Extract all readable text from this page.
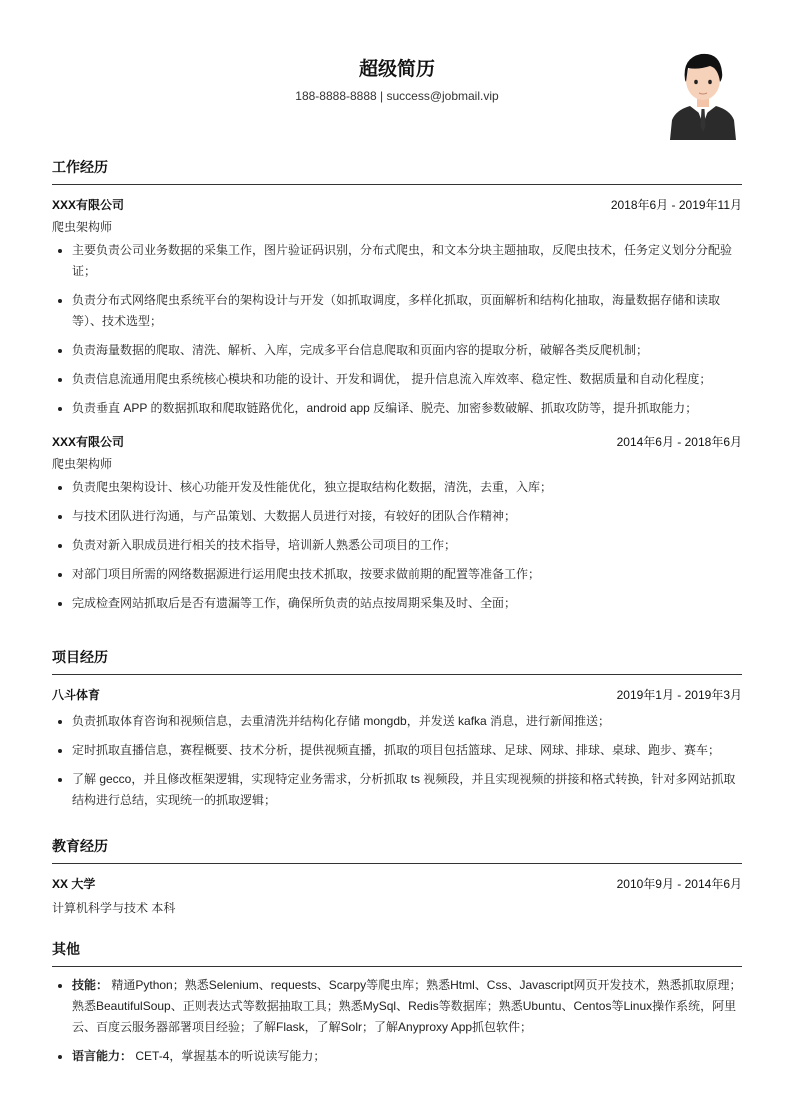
超级简历
188-8888-8888 | success@jobmail.vip
工作经历
XXX有限公司	2018年6月 - 2019年11月
爬虫架构师
• 主要负责公司业务数据的采集工作，图片验证码识别，分布式爬虫，和文本分块主题抽取，反爬虫技术，任务定义划分分配验证；
• 负责分布式网络爬虫系统平台的架构设计与开发（如抓取调度，多样化抓取，页面解析和结构化抽取，海量数据存储和读取等）、技术选型；
• 负责海量数据的爬取、清洗、解析、入库，完成多平台信息爬取和页面内容的提取分析，破解各类反爬机制；
• 负责信息流通用爬虫系统核心模块和功能的设计、开发和调优， 提升信息流入库效率、稳定性、数据质量和自动化程度；
• 负责垂直 APP 的数据抓取和爬取链路优化，android app 反编译、脱壳、加密参数破解、抓取攻防等，提升抓取能力；
XXX有限公司	2014年6月 - 2018年6月
爬虫架构师
• 负责爬虫架构设计、核心功能开发及性能优化，独立提取结构化数据，清洗，去重，入库；
• 与技术团队进行沟通，与产品策划、大数据人员进行对接，有较好的团队合作精神；
• 负责对新入职成员进行相关的技术指导，培训新人熟悉公司项目的工作；
• 对部门项目所需的网络数据源进行运用爬虫技术抓取，按要求做前期的配置等准备工作；
• 完成检查网站抓取后是否有遗漏等工作，确保所负责的站点按周期采集及时、全面；
项目经历
八斗体育	2019年1月 - 2019年3月
• 负责抓取体育咨询和视频信息，去重清洗并结构化存储 mongdb，并发送 kafka 消息，进行新闻推送；
• 定时抓取直播信息，赛程概要、技术分析，提供视频直播，抓取的项目包括篮球、足球、网球、排球、桌球、跑步、赛车；
• 了解 gecco，并且修改框架逻辑，实现特定业务需求，分析抓取 ts 视频段，并且实现视频的拼接和格式转换，针对多网站抓取结构进行总结，实现统一的抓取逻辑；
教育经历
XX 大学	2010年9月 - 2014年6月
计算机科学与技术 本科
其他
• 技能： 精通Python；熟悉Selenium、requests、Scarpy等爬虫库；熟悉Html、Css、Javascript网页开发技术，熟悉抓取原理；熟悉BeautifulSoup、正则表达式等数据抽取工具；熟悉MySql、Redis等数据库；熟悉Ubuntu、Centos等Linux操作系统，阿里云、百度云服务器部署项目经验；了解Flask，了解Solr；了解Anyproxy App抓包软件；
• 语言能力： CET-4，掌握基本的听说读写能力；
